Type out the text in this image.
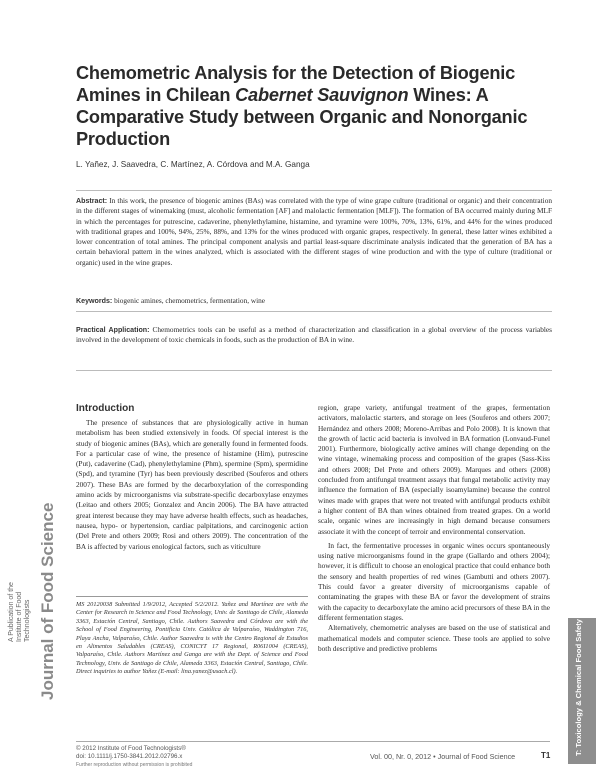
Chemometric Analysis for the Detection of Biogenic Amines in Chilean Cabernet Sauvignon Wines: A Comparative Study between Organic and Nonorganic Production
L. Yañez, J. Saavedra, C. Martínez, A. Córdova and M.A. Ganga
Abstract: In this work, the presence of biogenic amines (BAs) was correlated with the type of wine grape culture (traditional or organic) and their concentration in the different stages of winemaking (must, alcoholic fermentation [AF] and malolactic fermentation [MLF]). The formation of BA occurred mainly during MLF in which the percentages for putrescine, cadaverine, phenylethylamine, histamine, and tyramine were 100%, 70%, 13%, 61%, and 44% for the wines produced with traditional grapes and 100%, 94%, 25%, 88%, and 13% for the wines produced with organic grapes, respectively. In general, these latter wines exhibited a lower concentration of total amines. The principal component analysis and partial least-square discriminate analysis indicated that the generation of BA has a certain behavioral pattern in the wines analyzed, which is associated with the different stages of wine production and with the type of culture (traditional or organic) used in the wine grapes.
Keywords: biogenic amines, chemometrics, fermentation, wine
Practical Application: Chemometrics tools can be useful as a method of characterization and classification in a global overview of the process variables involved in the development of toxic chemicals in foods, such as the production of BA in wine.
Introduction

The presence of substances that are physiologically active in human metabolism has been studied extensively in foods. Of special interest is the study of biogenic amines (BAs), which are generally found in fermented foods. For a particular case of wine, the presence of histamine (Him), putrescine (Put), cadaverine (Cad), phenylethylamine (Phm), spermine (Spm), spermidine (Spd), and tyramine (Tyr) has been previously described (Souferos and others 2007). These BAs are formed by the decarboxylation of the corresponding amino acids by microorganisms via substrate-specific decarboxylase enzymes (Leitao and others 2005; Gonzalez and Ancin 2006). The BA have attracted great interest because they may have adverse health effects, such as headaches, nausea, hypo- or hypertension, cardiac palpitations, and carcinogenic action (Del Prete and others 2009; Rosi and others 2009). The concentration of the BA is affected by various enological factors, such as viticulture

region, grape variety, antifungal treatment of the grapes, fermentation activators, malolactic starters, and storage on lees (Souferos and others 2007; Hernández and others 2008; Moreno-Arribas and Polo 2008). It is known that the growth of lactic acid bacteria is involved in BA formation (Lonvaud-Funel 2001). Furthermore, biologically active amines will change depending on the wine vintage, winemaking process and composition of the grapes (Sass-Kiss and others 2008; Del Prete and others 2009). Marques and others (2008) concluded from antifungal treatment assays that fungal metabolic activity may influence the formation of BA (especially isoamylamine) because the control wines made with grapes that were not treated with antifungal products exhibit a higher content of BA than wines obtained from treated grapes. On a world scale, organic wines are increasingly in high demand because consumers associate it with the concept of terroir and environmental conservation.

In fact, the fermentative processes in organic wines occurs spontaneously using native microorganisms found in the grape (Gallardo and others 2004); however, it is difficult to choose an enological practice that could enhance both the sensory and health properties of red wines (Gambutti and others 2007). This could favor a greater diversity of microorganisms capable of contaminating the grapes with these BA or favor the development of strains with the capacity to decarboxylate the amino acid precursors of these BA in the different fermentation stages.

Alternatively, chemometric analyses are based on the use of statistical and mathematical models and computer science. These tools are applied to solve both descriptive and predictive problems

MS 20120038 Submitted 1/9/2012, Accepted 5/2/2012. Yañez and Martínez are with the Center for Research in Science and Food Technology, Univ. de Santiago de Chile, Alameda 3363, Estación Central, Santiago, Chile. Authors Saavedra and Córdova are with the School of Food Engineering, Pontificia Univ. Católica de Valparaíso, Waddington 716, Playa Ancha, Valparaíso, Chile. Author Saavedra is with the Centro Regional de Estudios en Alimentos Saludables (CREAS), CONICYT 17 Regional, R06I1004 (CREAS), Valparaíso, Chile. Authors Martínez and Ganga are with the Dept. of Science and Food Technology, Univ. de Santiago de Chile, Alameda 3363, Estación Central, Santiago, Chile. Direct inquiries to author Yañez (E-mail: lina.yanez@usach.cl).
© 2012 Institute of Food Technologists®
doi: 10.1111/j.1750-3841.2012.02796.x
Further reproduction without permission is prohibited
Vol. 00, Nr. 0, 2012 • Journal of Food Science	T1
A Publication of the Institute of Food Technologists Journal of Food Science	T: Toxicology & Chemical Food Safety
